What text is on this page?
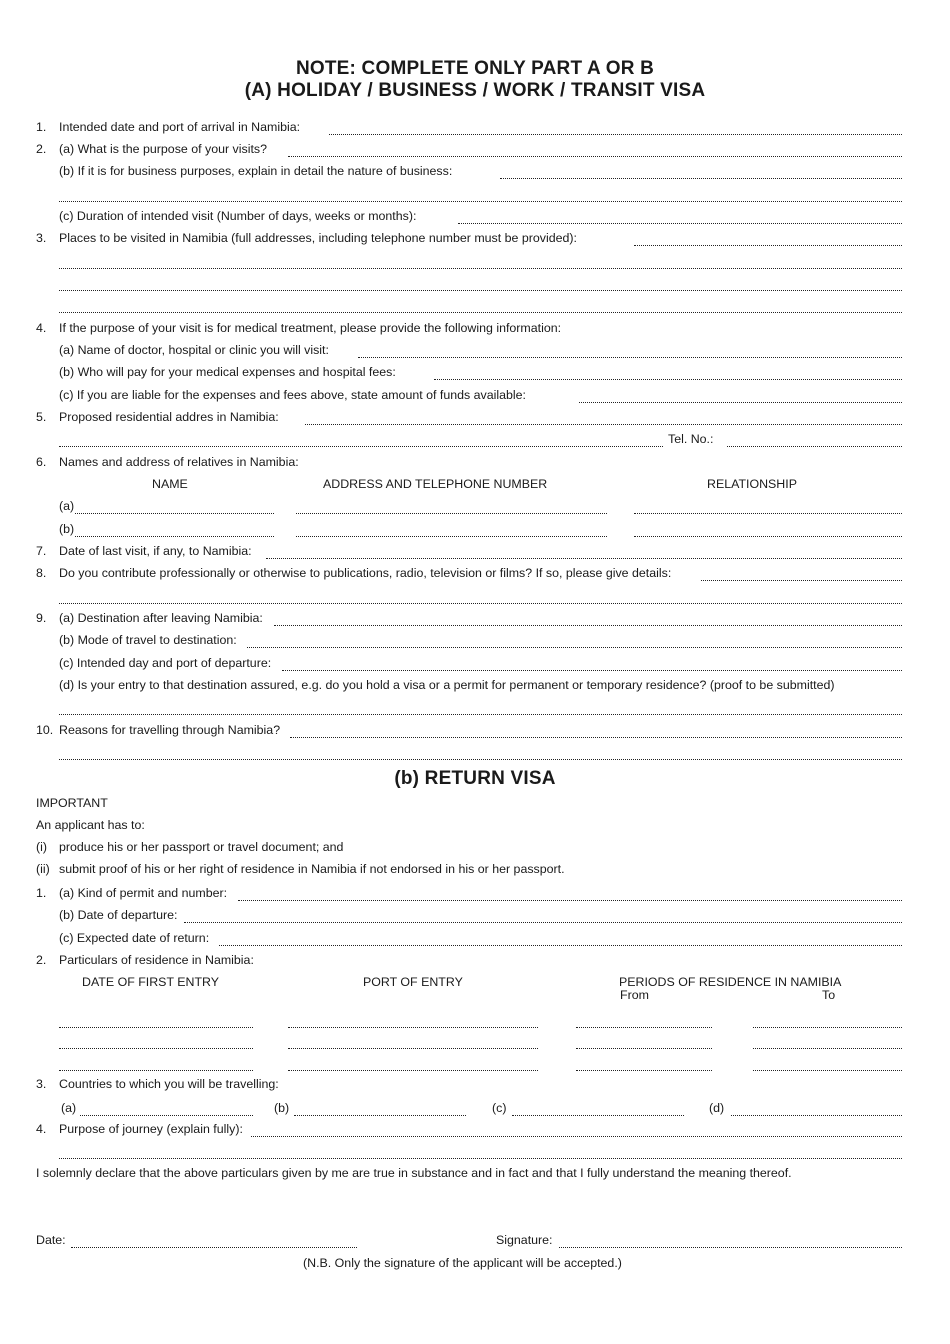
NOTE: COMPLETE ONLY PART A OR B
(A) HOLIDAY / BUSINESS / WORK / TRANSIT VISA
1. Intended date and port of arrival in Namibia:
2. (a) What is the purpose of your visits?
(b) If it is for business purposes, explain in detail the nature of business:
(c) Duration of intended visit (Number of days, weeks or months):
3. Places to be visited in Namibia (full addresses, including telephone number must be provided):
4. If the purpose of your visit is for medical treatment, please provide the following information:
(a) Name of doctor, hospital or clinic you will visit:
(b) Who will pay for your medical expenses and hospital fees:
(c) If you are liable for the expenses and fees above, state amount of funds available:
5. Proposed residential addres in Namibia:
Tel. No.:
6. Names and address of relatives in Namibia:
NAME	ADDRESS AND TELEPHONE NUMBER	RELATIONSHIP
(a)
(b)
7. Date of last visit, if any, to Namibia:
8. Do you contribute professionally or otherwise to publications, radio, television or films? If so, please give details:
9. (a) Destination after leaving Namibia:
(b) Mode of travel to destination:
(c) Intended day and port of departure:
(d) Is your entry to that destination assured, e.g. do you hold a visa or a permit for permanent or temporary residence? (proof to be submitted)
10. Reasons for travelling through Namibia?
(b) RETURN VISA
IMPORTANT
An applicant has to:
(i) produce his or her passport or travel document; and
(ii) submit proof of his or her right of residence in Namibia if not endorsed in his or her passport.
1. (a) Kind of permit and number:
(b) Date of departure:
(c) Expected date of return:
2. Particulars of residence in Namibia:
DATE OF FIRST ENTRY	PORT OF ENTRY	PERIODS OF RESIDENCE IN NAMIBIA
From	To
3. Countries to which you will be travelling:
(a)	(b)	(c)	(d)
4. Purpose of journey (explain fully):
I solemnly declare that the above particulars given by me are true in substance and in fact and that I fully understand the meaning thereof.
Date:	Signature:
(N.B. Only the signature of the applicant will be accepted.)
